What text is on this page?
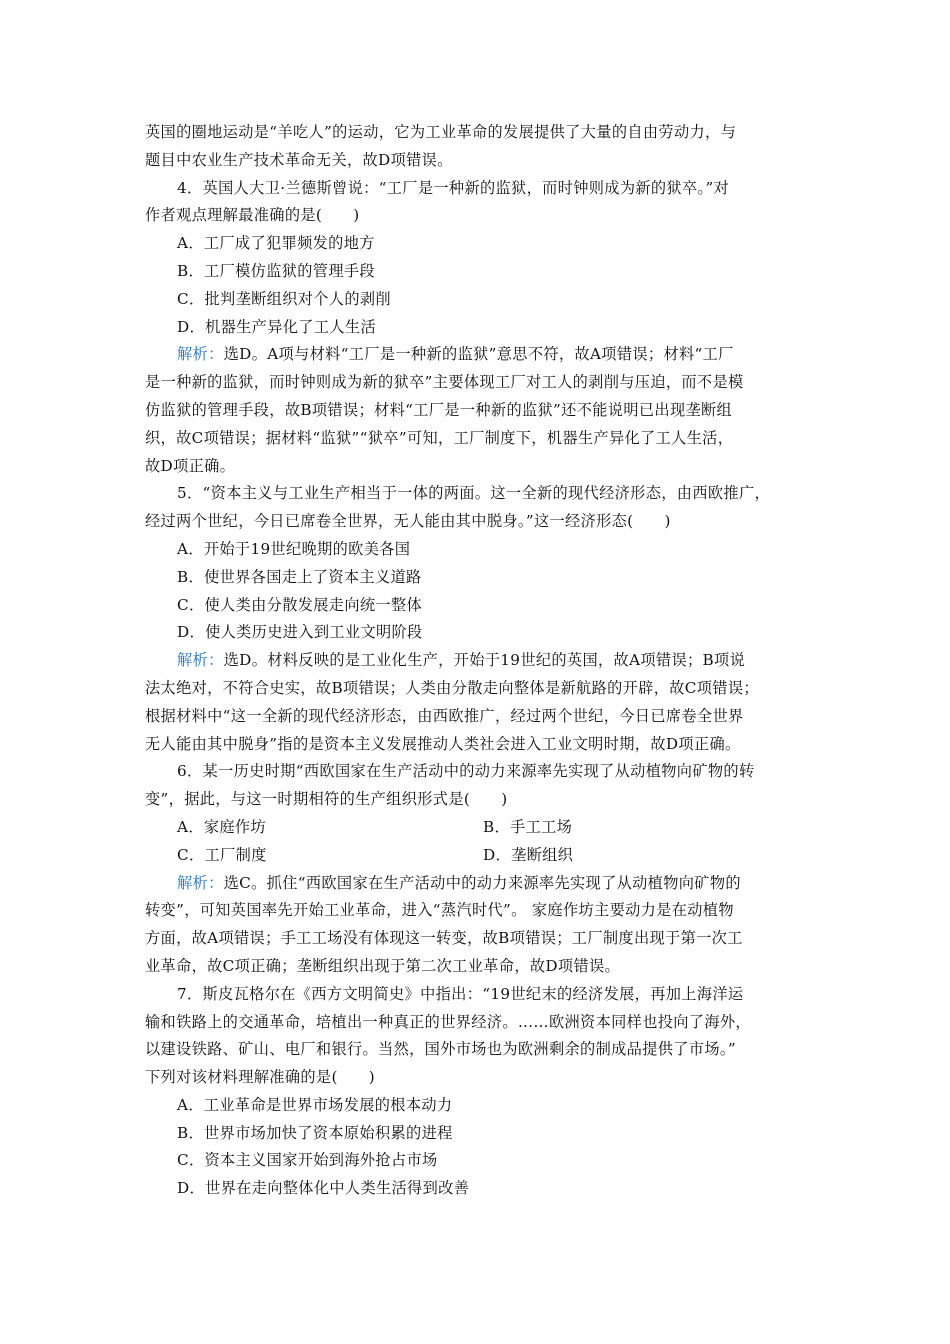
英国的圈地运动是“羊吃人”的运动，它为工业革命的发展提供了大量的自由劳动力，与
题目中农业生产技术革命无关，故D项错误。
4．英国人大卫·兰德斯曾说：“工厂是一种新的监狱，而时钟则成为新的狱卒。”对
作者观点理解最准确的是(　　)
A．工厂成了犯罪频发的地方
B．工厂模仿监狱的管理手段
C．批判垄断组织对个人的剥削
D．机器生产异化了工人生活
解析：选D。A项与材料“工厂是一种新的监狱”意思不符，故A项错误；材料“工厂
是一种新的监狱，而时钟则成为新的狱卒”主要体现工厂对工人的剥削与压迫，而不是模
仿监狱的管理手段，故B项错误；材料“工厂是一种新的监狱”还不能说明已出现垄断组
织，故C项错误；据材料“监狱”“狱卒”可知，工厂制度下，机器生产异化了工人生活，
故D项正确。
5．“资本主义与工业生产相当于一体的两面。这一全新的现代经济形态，由西欧推广，
经过两个世纪，今日已席卷全世界，无人能由其中脱身。”这一经济形态(　　)
A．开始于19世纪晚期的欧美各国
B．使世界各国走上了资本主义道路
C．使人类由分散发展走向统一整体
D．使人类历史进入到工业文明阶段
解析：选D。材料反映的是工业化生产，开始于19世纪的英国，故A项错误；B项说
法太绝对，不符合史实，故B项错误；人类由分散走向整体是新航路的开辟，故C项错误；
根据材料中“这一全新的现代经济形态，由西欧推广，经过两个世纪，今日已席卷全世界
无人能由其中脱身”指的是资本主义发展推动人类社会进入工业文明时期，故D项正确。
6．某一历史时期“西欧国家在生产活动中的动力来源率先实现了从动植物向矿物的转
变”，据此，与这一时期相符的生产组织形式是(　　)
A．家庭作坊	B．手工工场
C．工厂制度	D．垄断组织
解析：选C。抓住“西欧国家在生产活动中的动力来源率先实现了从动植物向矿物的
转变”，可知英国率先开始工业革命，进入“蒸汽时代”。 家庭作坊主要动力是在动植物
方面，故A项错误；手工工场没有体现这一转变，故B项错误；工厂制度出现于第一次工
业革命，故C项正确；垄断组织出现于第二次工业革命，故D项错误。
7．斯皮瓦格尔在《西方文明简史》中指出：“19世纪末的经济发展，再加上海洋运
输和铁路上的交通革命，培植出一种真正的世界经济。……欧洲资本同样也投向了海外，
以建设铁路、矿山、电厂和银行。当然，国外市场也为欧洲剩余的制成品提供了市场。”
下列对该材料理解准确的是(　　)
A．工业革命是世界市场发展的根本动力
B．世界市场加快了资本原始积累的进程
C．资本主义国家开始到海外抢占市场
D．世界在走向整体化中人类生活得到改善
